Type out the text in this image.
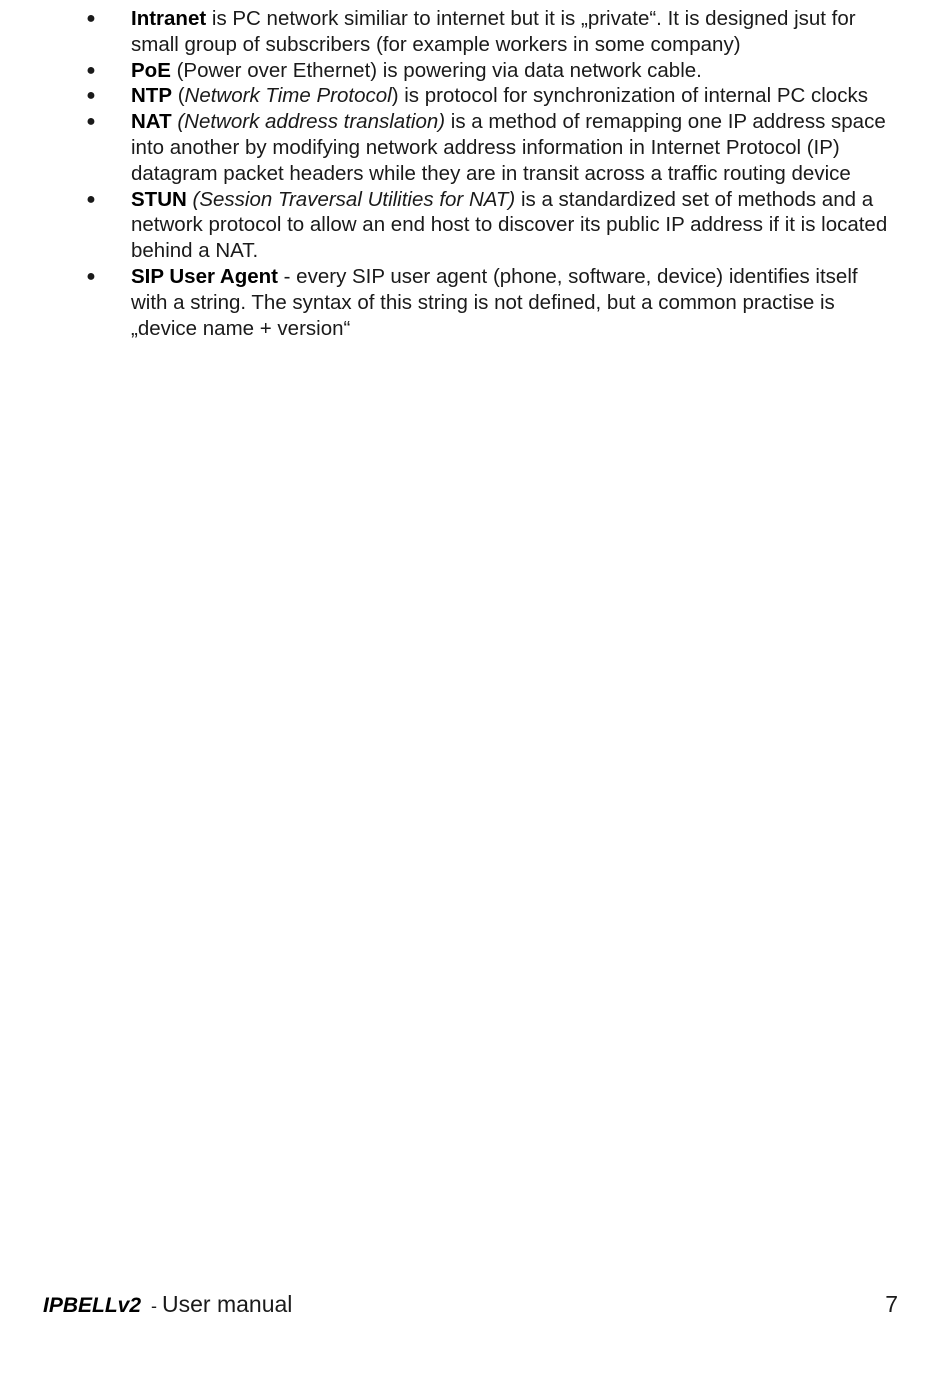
● Intranet is PC network similiar to internet but it is „private“. It is designed jsut for small group of subscribers (for example workers in some company)
● PoE (Power over Ethernet) is powering via data network cable.
● NTP (Network Time Protocol) is protocol for synchronization of internal PC clocks
● NAT (Network address translation) is a method of remapping one IP address space into another by modifying network address information in Internet Protocol (IP) datagram packet headers while they are in transit across a traffic routing device
● STUN (Session Traversal Utilities for NAT) is a standardized set of methods and a network protocol to allow an end host to discover its public IP address if it is located behind a NAT.
● SIP User Agent - every SIP user agent (phone, software, device) identifies itself with a string. The syntax of this string is not defined, but a common practise is „device name + version“
IPBELLv2  - User manual	7
